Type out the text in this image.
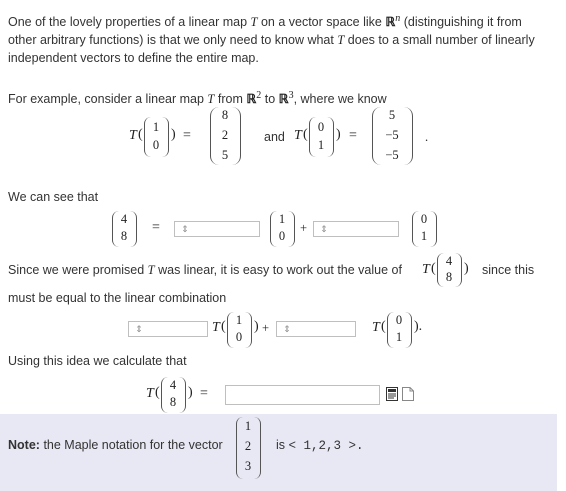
One of the lovely properties of a linear map T on a vector space like ℝ$^n$ (distinguishing it from
other arbitrary functions) is that we only need to know what T does to a small number of linearly
independent vectors to define the entire map.
For example, consider a linear map T from ℝ$^2$ to ℝ$^3$, where we know
T ( 1
0
) =
8
2
5
and T ( 0
1
) =
5
−5
−5
.
We can see that
4
8
= ⇕
1
0
+ ⇕
0
1
Since we were promised T was linear, it is easy to work out the value of T ( 4
8
) since this
must be equal to the linear combination
⇕	T ( 1
0
) + ⇕	T ( 0
1
).
Using this idea we calculate that
T ( 4
8
) =
Note: the Maple notation for the vector
1
2
3
is < 1,2,3 >.
